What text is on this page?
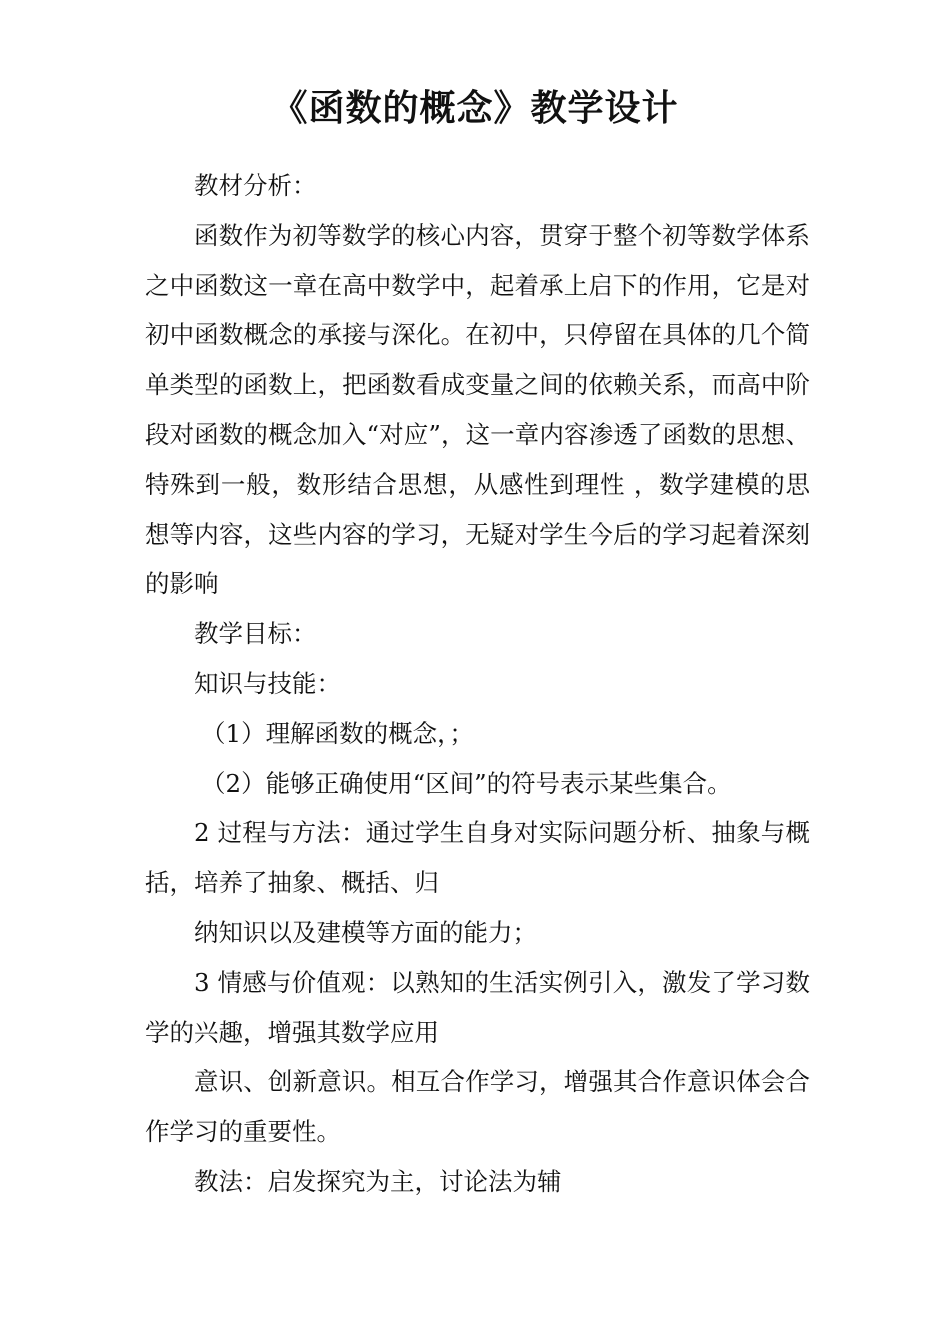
《函数的概念》教学设计

教材分析：

函数作为初等数学的核心内容，贯穿于整个初等数学体系之中函数这一章在高中数学中，起着承上启下的作用，它是对初中函数概念的承接与深化。在初中，只停留在具体的几个简单类型的函数上，把函数看成变量之间的依赖关系，而高中阶段对函数的概念加入“对应”，这一章内容渗透了函数的思想、特殊到一般，数形结合思想，从感性到理性 ，数学建模的思想等内容，这些内容的学习，无疑对学生今后的学习起着深刻的影响

教学目标：

知识与技能：

（1）理解函数的概念，；

（2）能够正确使用“区间”的符号表示某些集合。

2 过程与方法：通过学生自身对实际问题分析、抽象与概括，培养了抽象、概括、归

纳知识以及建模等方面的能力；

3 情感与价值观：以熟知的生活实例引入，激发了学习数学的兴趣，增强其数学应用

意识、创新意识。相互合作学习，增强其合作意识体会合作学习的重要性。

教法：启发探究为主，讨论法为辅
